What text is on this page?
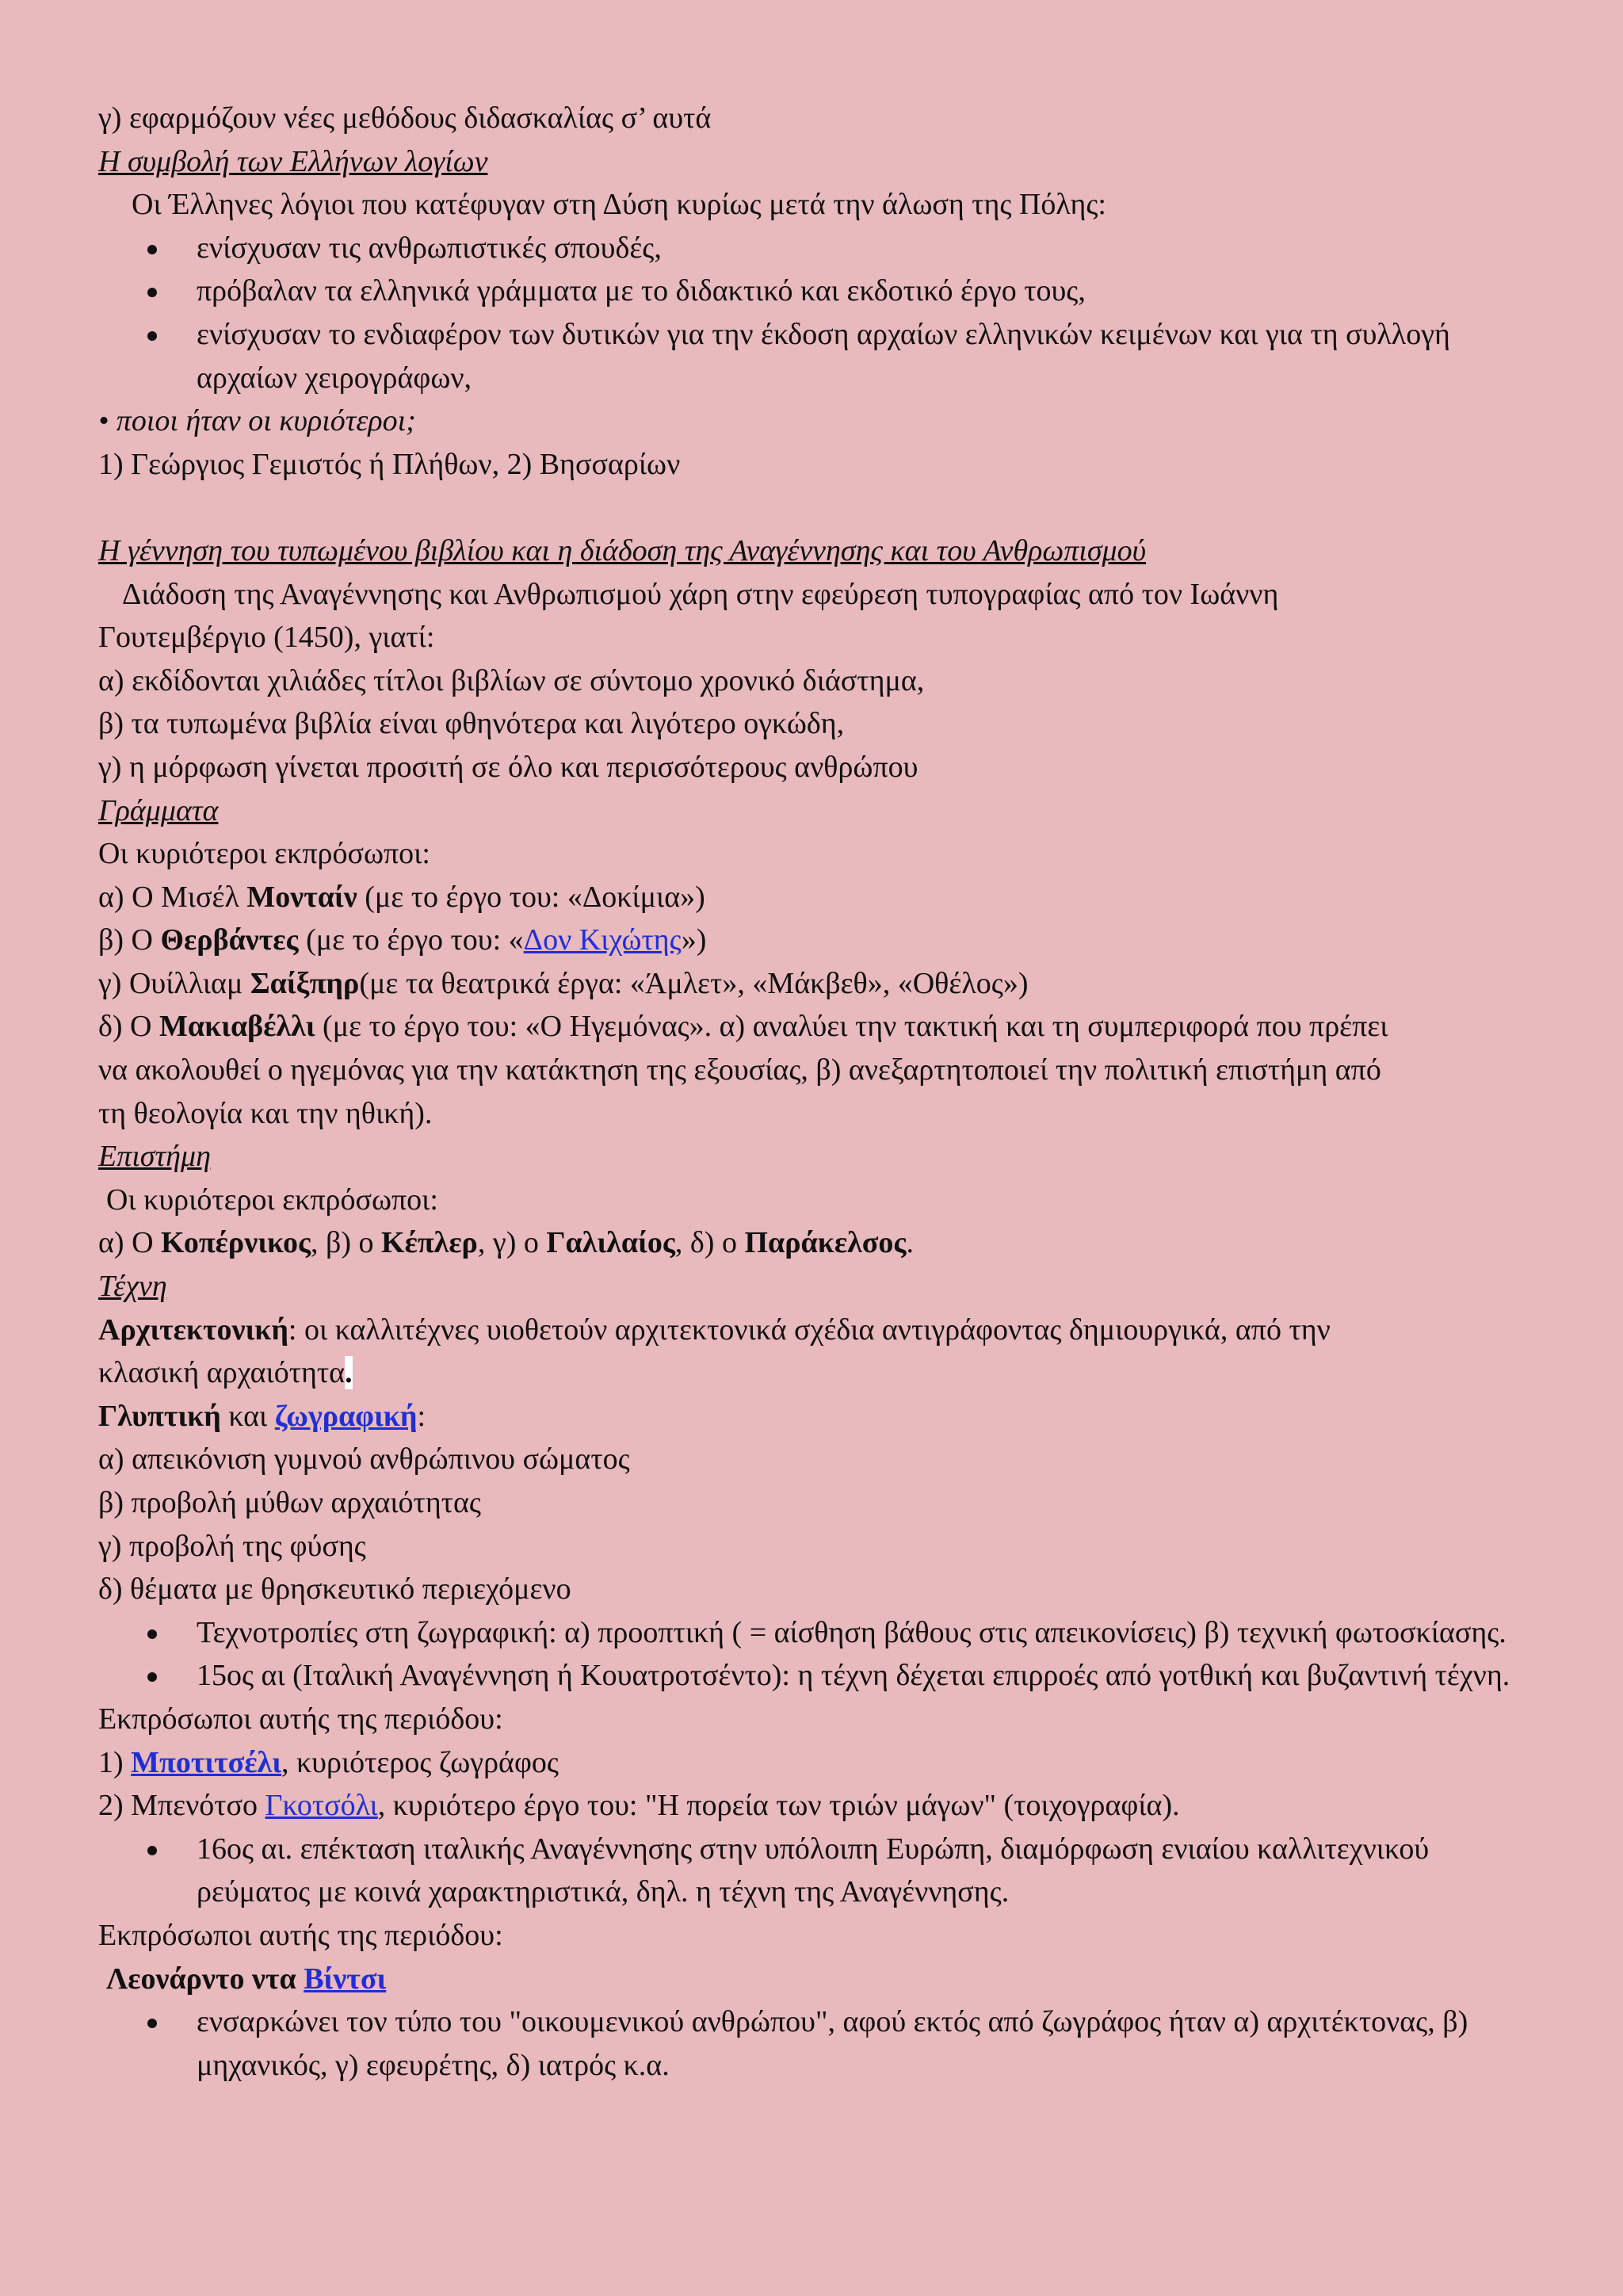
γ) εφαρμόζουν νέες μεθόδους διδασκαλίας σ’ αυτά
Η συμβολή των Ελλήνων λογίων
Οι Έλληνες λόγιοι που κατέφυγαν στη Δύση κυρίως μετά την άλωση της Πόλης:
ενίσχυσαν τις ανθρωπιστικές σπουδές,
πρόβαλαν τα ελληνικά γράμματα με το διδακτικό και εκδοτικό έργο τους,
ενίσχυσαν το ενδιαφέρον των δυτικών για την έκδοση αρχαίων ελληνικών κειμένων και για τη συλλογή αρχαίων χειρογράφων,
• ποιοι ήταν οι κυριότεροι;
1) Γεώργιος Γεμιστός ή Πλήθων, 2) Βησσαρίων
Η γέννηση του τυπωμένου βιβλίου και η διάδοση της Αναγέννησης και του Ανθρωπισμού
Διάδοση της Αναγέννησης και Ανθρωπισμού χάρη στην εφεύρεση τυπογραφίας από τον Ιωάννη
Γουτεμβέργιο (1450), γιατί:
α) εκδίδονται χιλιάδες τίτλοι βιβλίων σε σύντομο χρονικό διάστημα,
β) τα τυπωμένα βιβλία είναι φθηνότερα και λιγότερο ογκώδη,
γ) η μόρφωση γίνεται προσιτή σε όλο και περισσότερους ανθρώπου
Γράμματα
Οι κυριότεροι εκπρόσωποι:
α) Ο Μισέλ Μονταίν (με το έργο του: «Δοκίμια»)
β) Ο Θερβάντες (με το έργο του: «Δον Κιχώτης»)
γ) Ουίλλιαμ Σαίξπηρ(με τα θεατρικά έργα: «Άμλετ», «Μάκβεθ», «Οθέλος»)
δ) Ο Μακιαβέλλι (με το έργο του: «Ο Ηγεμόνας». α) αναλύει την τακτική και τη συμπεριφορά που πρέπει
να ακολουθεί ο ηγεμόνας για την κατάκτηση της εξουσίας, β) ανεξαρτητοποιεί την πολιτική επιστήμη από
τη θεολογία και την ηθική).
Επιστήμη
Οι κυριότεροι εκπρόσωποι:
α) Ο Κοπέρνικος, β) ο Κέπλερ, γ) ο Γαλιλαίος, δ) ο Παράκελσος.
Τέχνη
Αρχιτεκτονική: οι καλλιτέχνες υιοθετούν αρχιτεκτονικά σχέδια αντιγράφοντας δημιουργικά, από την
κλασική αρχαιότητα.
Γλυπτική και ζωγραφική:
α) απεικόνιση γυμνού ανθρώπινου σώματος
β) προβολή μύθων αρχαιότητας
γ) προβολή της φύσης
δ) θέματα με θρησκευτικό περιεχόμενο
Τεχνοτροπίες στη ζωγραφική: α) προοπτική ( = αίσθηση βάθους στις απεικονίσεις) β) τεχνική φωτοσκίασης.
15ος αι (Ιταλική Αναγέννηση ή Κουατροτσέντο): η τέχνη δέχεται επιρροές από γοτθική και βυζαντινή τέχνη.
Εκπρόσωποι αυτής της περιόδου:
1) Μποτιτσέλι, κυριότερος ζωγράφος
2) Μπενότσο Γκοτσόλι, κυριότερο έργο του: "Η πορεία των τριών μάγων" (τοιχογραφία).
16ος αι. επέκταση ιταλικής Αναγέννησης στην υπόλοιπη Ευρώπη, διαμόρφωση ενιαίου καλλιτεχνικού ρεύματος με κοινά χαρακτηριστικά, δηλ. η τέχνη της Αναγέννησης.
Εκπρόσωποι αυτής της περιόδου:
Λεονάρντο ντα Βίντσι
ενσαρκώνει τον τύπο του "οικουμενικού ανθρώπου", αφού εκτός από ζωγράφος ήταν α) αρχιτέκτονας, β) μηχανικός, γ) εφευρέτης, δ) ιατρός κ.α.
